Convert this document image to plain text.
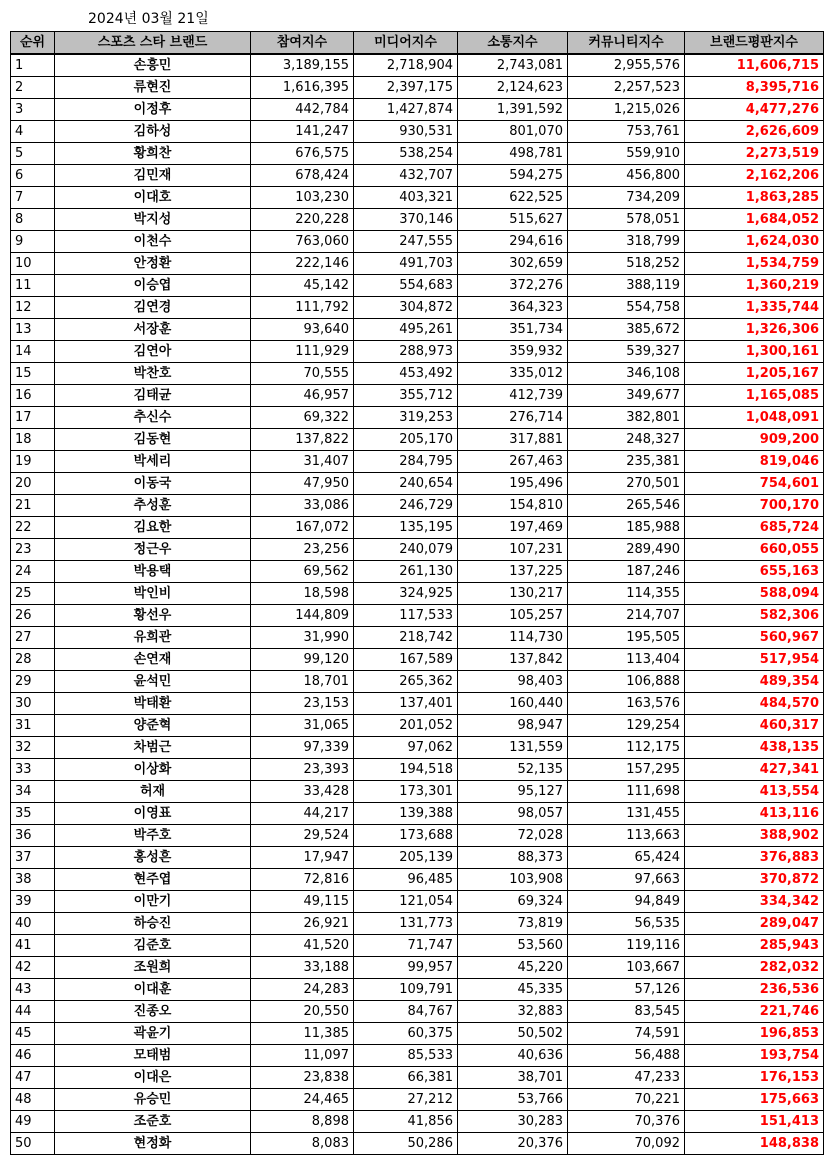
2024년 03월 21일
순위	스포츠 스타 브랜드	참여지수	미디어지수	소통지수	커뮤니티지수	브랜드평판지수
1	손흥민	3,189,155	2,718,904	2,743,081	2,955,576	11,606,715
2	류현진	1,616,395	2,397,175	2,124,623	2,257,523	8,395,716
3	이정후	442,784	1,427,874	1,391,592	1,215,026	4,477,276
4	김하성	141,247	930,531	801,070	753,761	2,626,609
5	황희찬	676,575	538,254	498,781	559,910	2,273,519
6	김민재	678,424	432,707	594,275	456,800	2,162,206
7	이대호	103,230	403,321	622,525	734,209	1,863,285
8	박지성	220,228	370,146	515,627	578,051	1,684,052
9	이천수	763,060	247,555	294,616	318,799	1,624,030
10	안정환	222,146	491,703	302,659	518,252	1,534,759
11	이승엽	45,142	554,683	372,276	388,119	1,360,219
12	김연경	111,792	304,872	364,323	554,758	1,335,744
13	서장훈	93,640	495,261	351,734	385,672	1,326,306
14	김연아	111,929	288,973	359,932	539,327	1,300,161
15	박찬호	70,555	453,492	335,012	346,108	1,205,167
16	김태균	46,957	355,712	412,739	349,677	1,165,085
17	추신수	69,322	319,253	276,714	382,801	1,048,091
18	김동현	137,822	205,170	317,881	248,327	909,200
19	박세리	31,407	284,795	267,463	235,381	819,046
20	이동국	47,950	240,654	195,496	270,501	754,601
21	추성훈	33,086	246,729	154,810	265,546	700,170
22	김요한	167,072	135,195	197,469	185,988	685,724
23	정근우	23,256	240,079	107,231	289,490	660,055
24	박용택	69,562	261,130	137,225	187,246	655,163
25	박인비	18,598	324,925	130,217	114,355	588,094
26	황선우	144,809	117,533	105,257	214,707	582,306
27	유희관	31,990	218,742	114,730	195,505	560,967
28	손연재	99,120	167,589	137,842	113,404	517,954
29	윤석민	18,701	265,362	98,403	106,888	489,354
30	박태환	23,153	137,401	160,440	163,576	484,570
31	양준혁	31,065	201,052	98,947	129,254	460,317
32	차범근	97,339	97,062	131,559	112,175	438,135
33	이상화	23,393	194,518	52,135	157,295	427,341
34	허재	33,428	173,301	95,127	111,698	413,554
35	이영표	44,217	139,388	98,057	131,455	413,116
36	박주호	29,524	173,688	72,028	113,663	388,902
37	홍성흔	17,947	205,139	88,373	65,424	376,883
38	현주엽	72,816	96,485	103,908	97,663	370,872
39	이만기	49,115	121,054	69,324	94,849	334,342
40	하승진	26,921	131,773	73,819	56,535	289,047
41	김준호	41,520	71,747	53,560	119,116	285,943
42	조원희	33,188	99,957	45,220	103,667	282,032
43	이대훈	24,283	109,791	45,335	57,126	236,536
44	진종오	20,550	84,767	32,883	83,545	221,746
45	곽윤기	11,385	60,375	50,502	74,591	196,853
46	모태범	11,097	85,533	40,636	56,488	193,754
47	이대은	23,838	66,381	38,701	47,233	176,153
48	유승민	24,465	27,212	53,766	70,221	175,663
49	조준호	8,898	41,856	30,283	70,376	151,413
50	현정화	8,083	50,286	20,376	70,092	148,838
